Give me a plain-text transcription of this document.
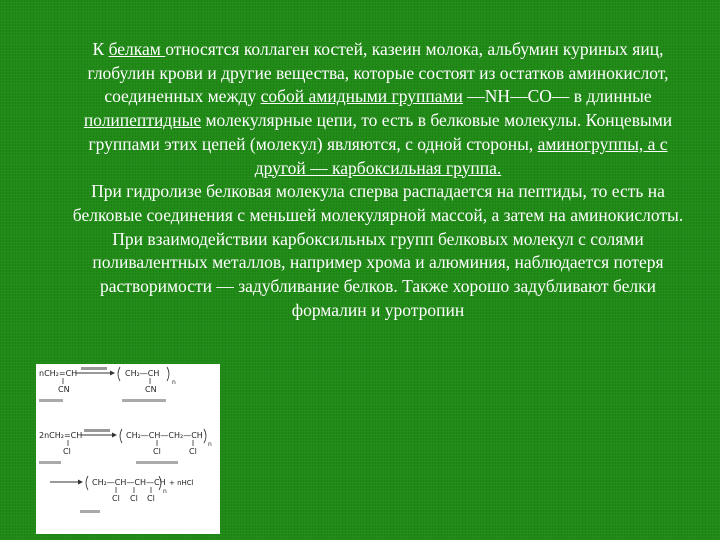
К белкам относятся коллаген костей, казеин молока, альбумин куриных яиц, глобулин крови и другие вещества, которые состоят из остатков аминокислот, соединенных между собой амидными группами —NH—CO— в длинные полипептидные молекулярные цепи, то есть в белковые молекулы. Концевыми группами этих цепей (молекул) являются, с одной стороны, аминогруппы, а с другой — карбоксильная группа.

При гидролизе белковая молекула сперва распадается на пептиды, то есть на белковые соединения с меньшей молекулярной массой, а затем на аминокислоты. При взаимодействии карбоксильных групп белковых молекул с солями поливалентных металлов, например хрома и алюминия, наблюдается потеря растворимости — задубливание белков. Также хорошо задубливают белки формалин и уротропин

nCH₂=CH
CN
CH₂—CH
CN
n
2nCH₂=CH
Cl
CH₂—CH—CH₂—CH
Cl	Cl
n
CH₂—CH—CH—CH
n
+ nHCl
Cl Cl Cl
